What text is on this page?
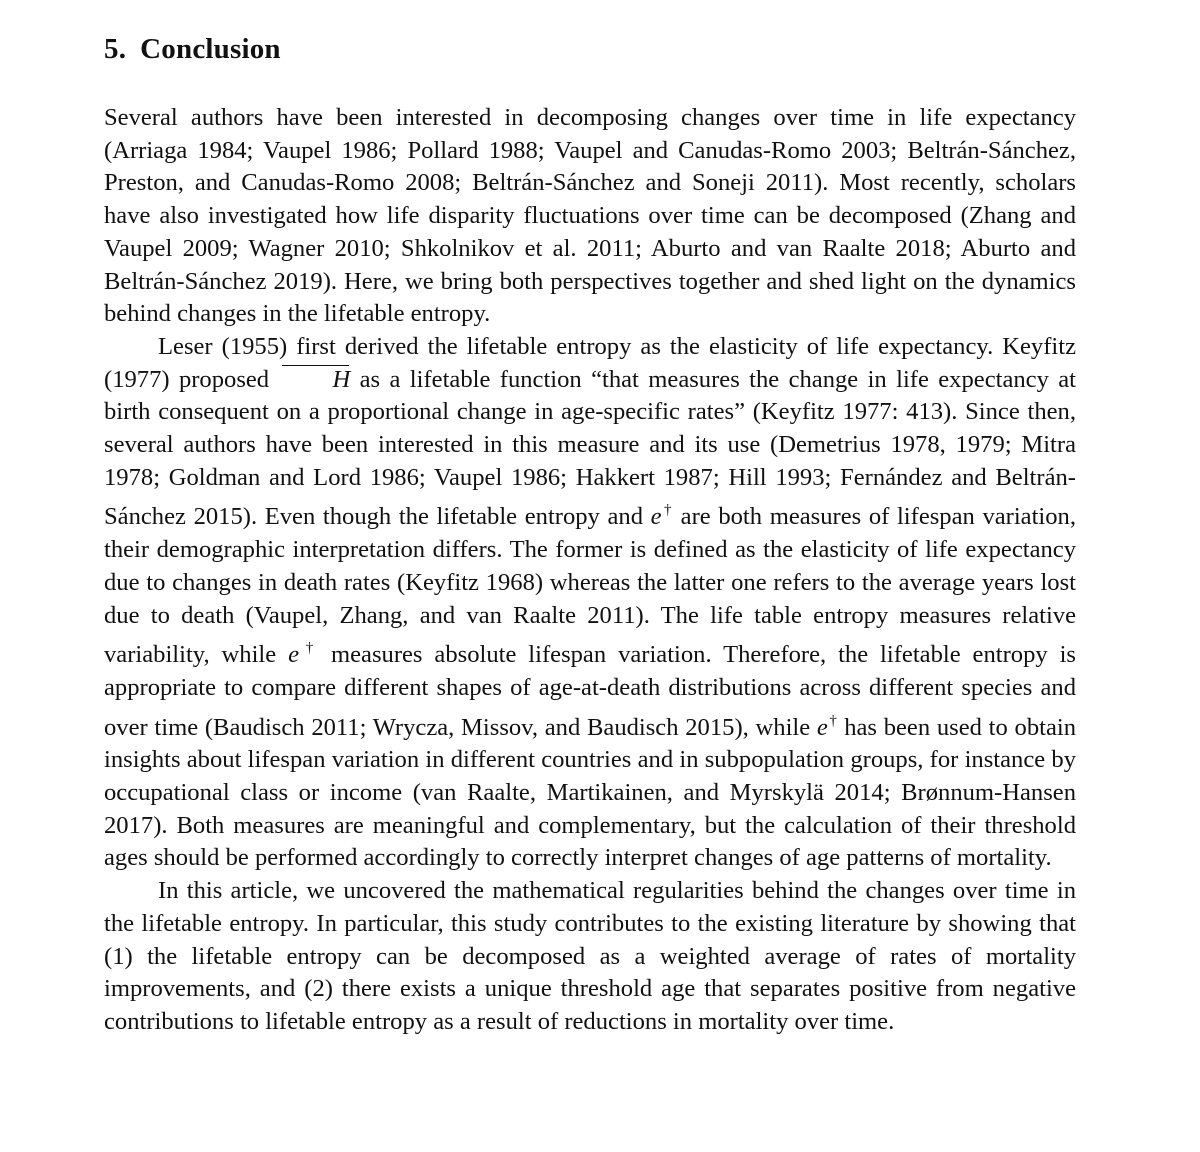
5. Conclusion

Several authors have been interested in decomposing changes over time in life expectancy (Arriaga 1984; Vaupel 1986; Pollard 1988; Vaupel and Canudas-Romo 2003; Beltrán-Sánchez, Preston, and Canudas-Romo 2008; Beltrán-Sánchez and Soneji 2011). Most recently, scholars have also investigated how life disparity fluctuations over time can be decomposed (Zhang and Vaupel 2009; Wagner 2010; Shkolnikov et al. 2011; Aburto and van Raalte 2018; Aburto and Beltrán-Sánchez 2019). Here, we bring both perspectives together and shed light on the dynamics behind changes in the lifetable entropy.

Leser (1955) first derived the lifetable entropy as the elasticity of life expectancy. Keyfitz (1977) proposed H as a lifetable function “that measures the change in life expectancy at birth consequent on a proportional change in age-specific rates” (Keyfitz 1977: 413). Since then, several authors have been interested in this measure and its use (Demetrius 1978, 1979; Mitra 1978; Goldman and Lord 1986; Vaupel 1986; Hakkert 1987; Hill 1993; Fernández and Beltrán-Sánchez 2015). Even though the lifetable entropy and e† are both measures of lifespan variation, their demographic interpretation differs. The former is defined as the elasticity of life expectancy due to changes in death rates (Keyfitz 1968) whereas the latter one refers to the average years lost due to death (Vaupel, Zhang, and van Raalte 2011). The life table entropy measures relative variability, while e† measures absolute lifespan variation. Therefore, the lifetable entropy is appropriate to compare different shapes of age-at-death distributions across different species and over time (Baudisch 2011; Wrycza, Missov, and Baudisch 2015), while e† has been used to obtain insights about lifespan variation in different countries and in subpopulation groups, for instance by occupational class or income (van Raalte, Martikainen, and Myrskylä 2014; Brønnum-Hansen 2017). Both measures are meaningful and complementary, but the calculation of their threshold ages should be performed accordingly to correctly interpret changes of age patterns of mortality.

In this article, we uncovered the mathematical regularities behind the changes over time in the lifetable entropy. In particular, this study contributes to the existing literature by showing that (1) the lifetable entropy can be decomposed as a weighted average of rates of mortality improvements, and (2) there exists a unique threshold age that separates positive from negative contributions to lifetable entropy as a result of reductions in mortality over time.
